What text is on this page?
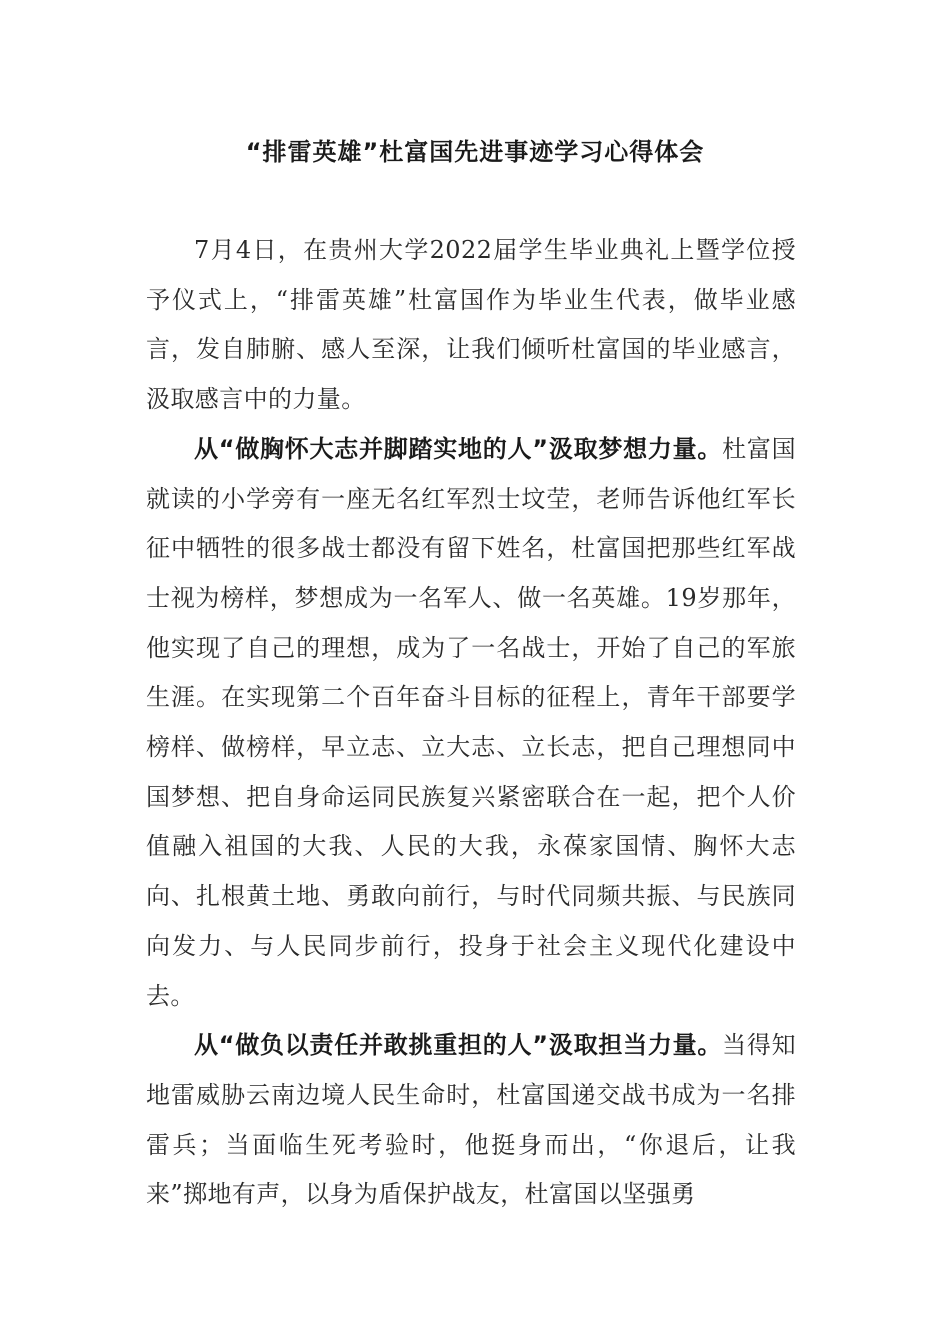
“排雷英雄”杜富国先进事迹学习心得体会

7月4日，在贵州大学2022届学生毕业典礼上暨学位授予仪式上，“排雷英雄”杜富国作为毕业生代表，做毕业感言，发自肺腑、感人至深，让我们倾听杜富国的毕业感言，汲取感言中的力量。

从“做胸怀大志并脚踏实地的人”汲取梦想力量。杜富国就读的小学旁有一座无名红军烈士坟茔，老师告诉他红军长征中牺牲的很多战士都没有留下姓名，杜富国把那些红军战士视为榜样，梦想成为一名军人、做一名英雄。19岁那年，他实现了自己的理想，成为了一名战士，开始了自己的军旅生涯。在实现第二个百年奋斗目标的征程上，青年干部要学榜样、做榜样，早立志、立大志、立长志，把自己理想同中国梦想、把自身命运同民族复兴紧密联合在一起，把个人价值融入祖国的大我、人民的大我，永葆家国情、胸怀大志向、扎根黄土地、勇敢向前行，与时代同频共振、与民族同向发力、与人民同步前行，投身于社会主义现代化建设中去。

从“做负以责任并敢挑重担的人”汲取担当力量。当得知地雷威胁云南边境人民生命时，杜富国递交战书成为一名排雷兵；当面临生死考验时，他挺身而出，“你退后，让我来”掷地有声，以身为盾保护战友，杜富国以坚强勇
